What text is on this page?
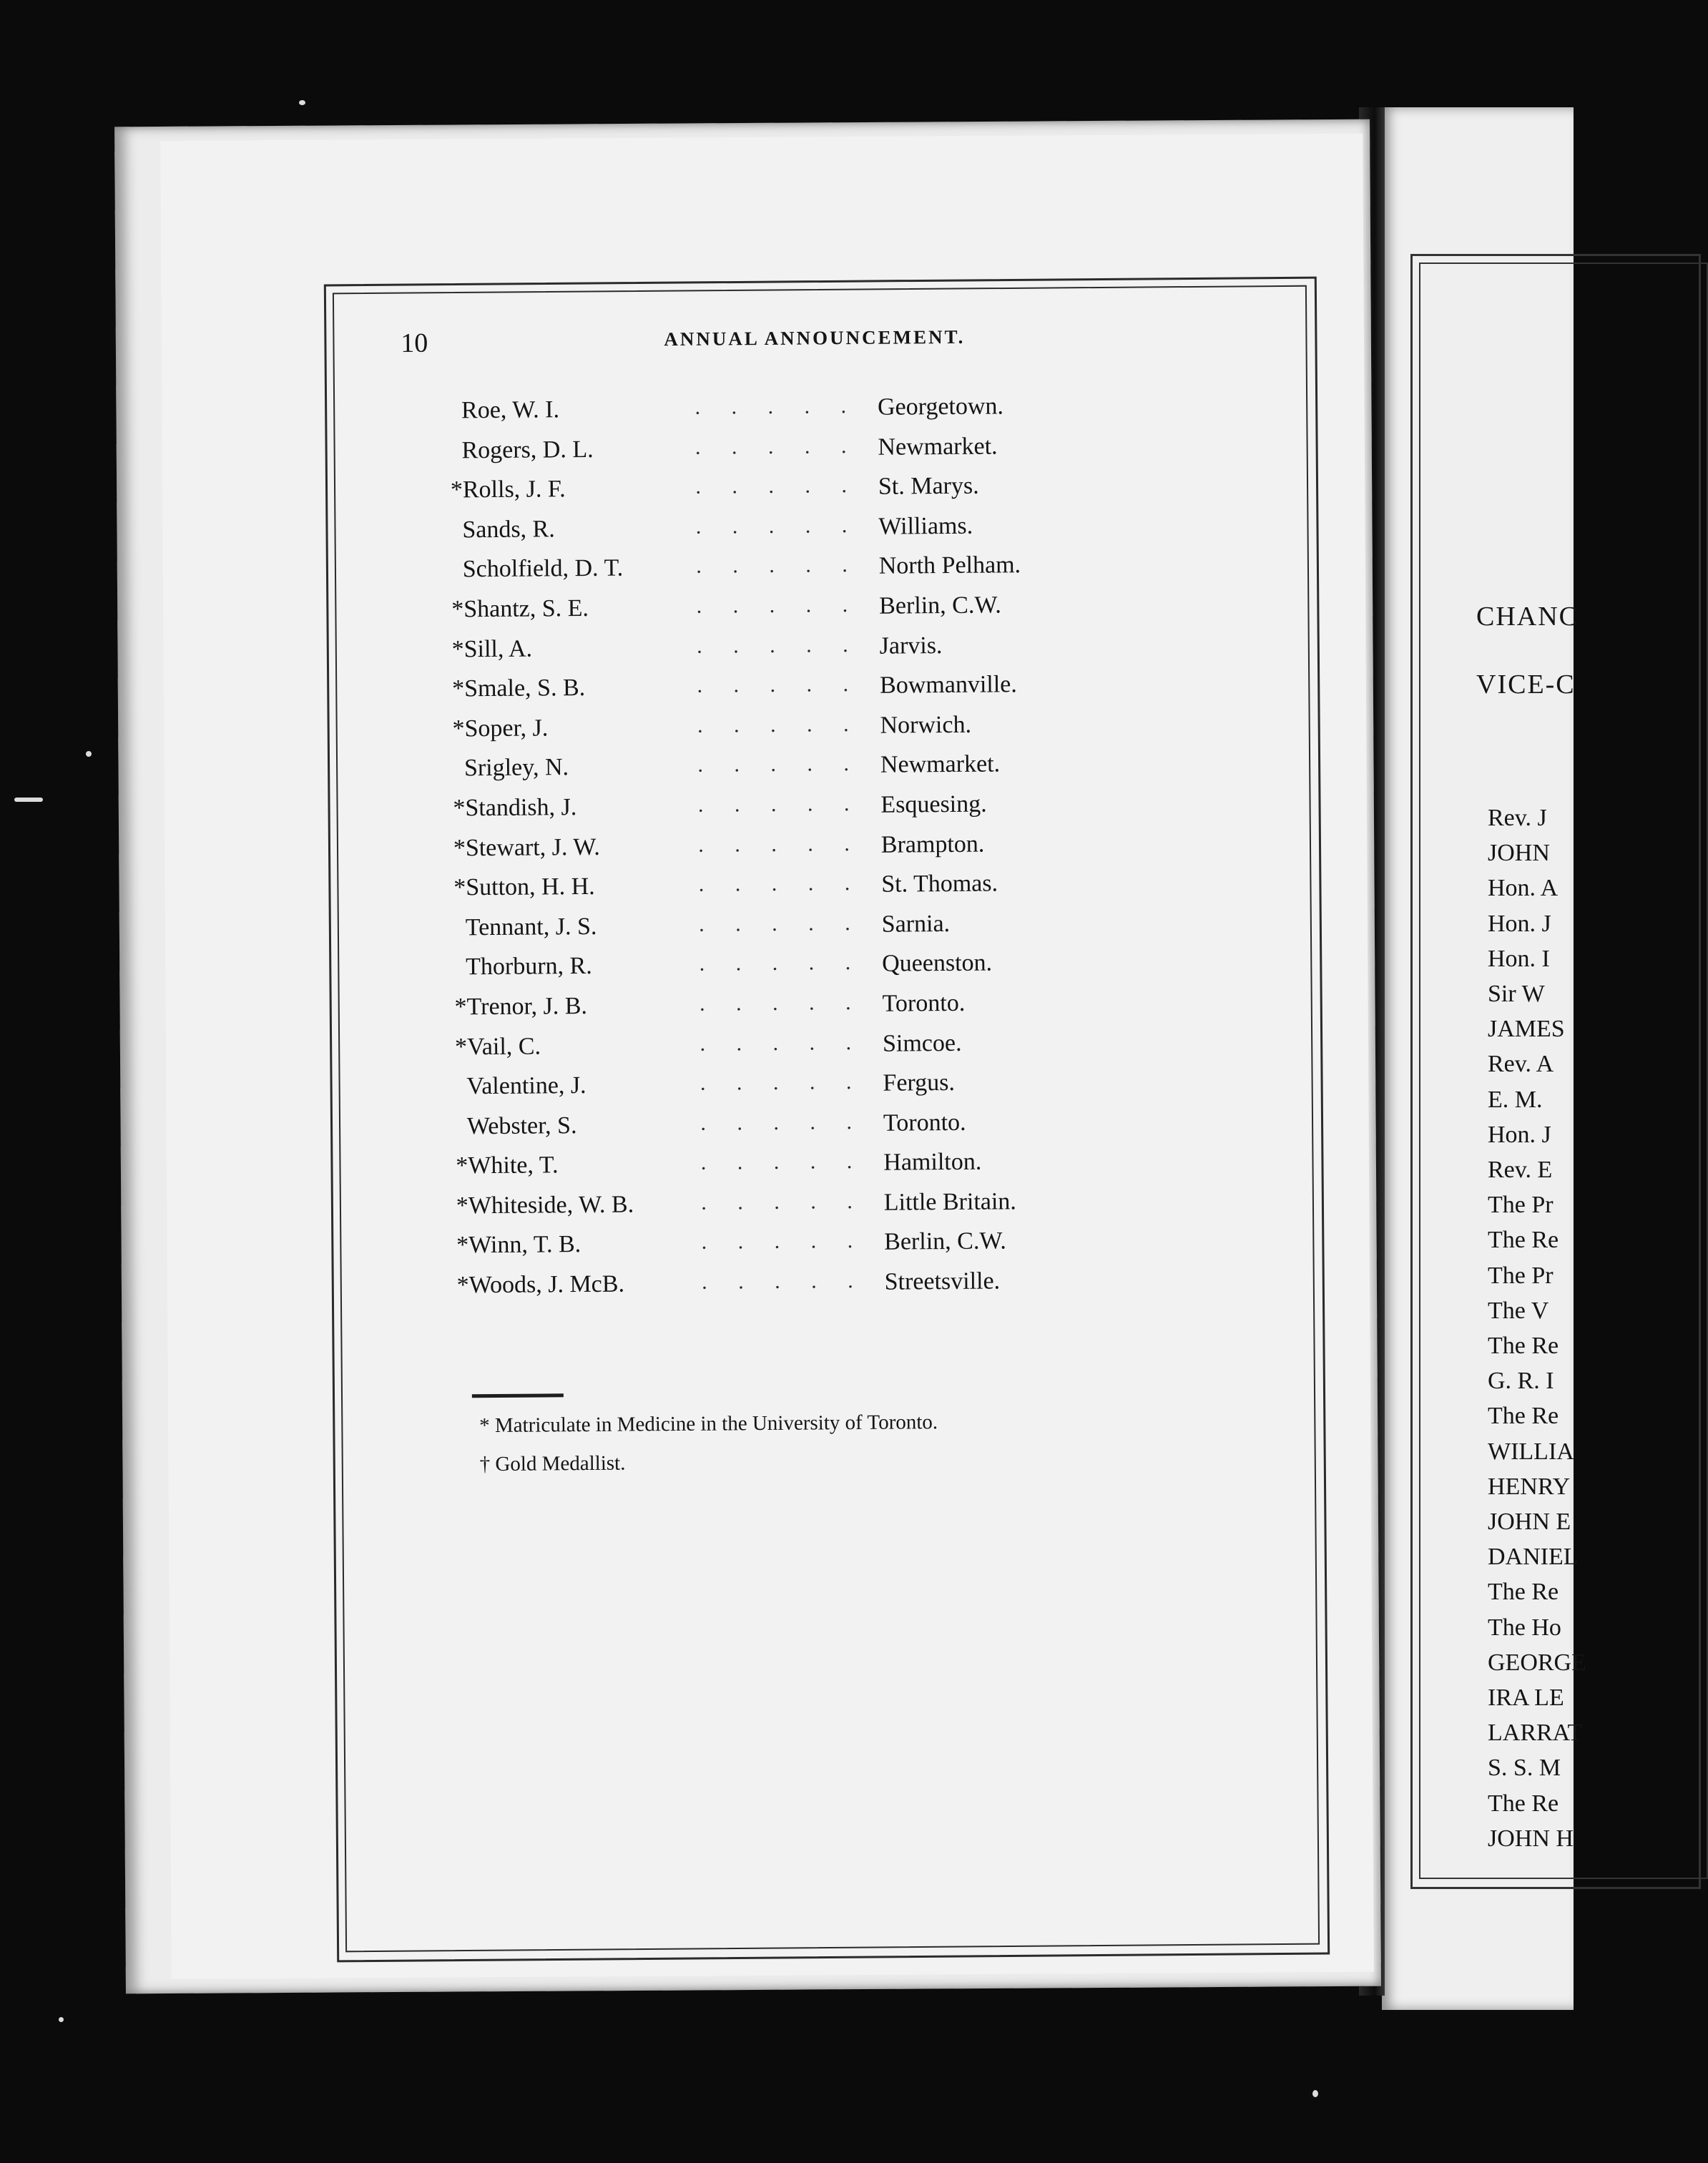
CHANC
VICE-C
Rev. J
JOHN
Hon. A
Hon. J
Hon. I
Sir W
JAMES
Rev. A
E. M.
Hon. J
Rev. E
The Pr
The Re
The Pr
The V
The Re
G. R. I
The Re
WILLIA
HENRY
JOHN E
DANIEL
The Re
The Ho
GEORGE
IRA LE
LARRAT
S. S. M
The Re
JOHN H
10	ANNUAL ANNOUNCEMENT.
Roe, W. I.	. . . . . Georgetown.
Rogers, D. L.	. . . . . Newmarket.
*Rolls, J. F.	. . . . . St. Marys.
Sands, R.	. . . . . Williams.
Scholfield, D. T.	. . . . . North Pelham.
*Shantz, S. E.	. . . . . Berlin, C.W.
*Sill, A.	. . . . . Jarvis.
*Smale, S. B.	. . . . . Bowmanville.
*Soper, J.	. . . . . Norwich.
Srigley, N.	. . . . . Newmarket.
*Standish, J.	. . . . . Esquesing.
*Stewart, J. W.	. . . . . Brampton.
*Sutton, H. H.	. . . . . St. Thomas.
Tennant, J. S.	. . . . . Sarnia.
Thorburn, R.	. . . . . Queenston.
*Trenor, J. B.	. . . . . Toronto.
*Vail, C.	. . . . . Simcoe.
Valentine, J.	. . . . . Fergus.
Webster, S.	. . . . . Toronto.
*White, T.	. . . . . Hamilton.
*Whiteside, W. B.	. . . . . Little Britain.
*Winn, T. B.	. . . . . Berlin, C.W.
*Woods, J. McB.	. . . . . Streetsville.
* Matriculate in Medicine in the University of Toronto.
† Gold Medallist.
